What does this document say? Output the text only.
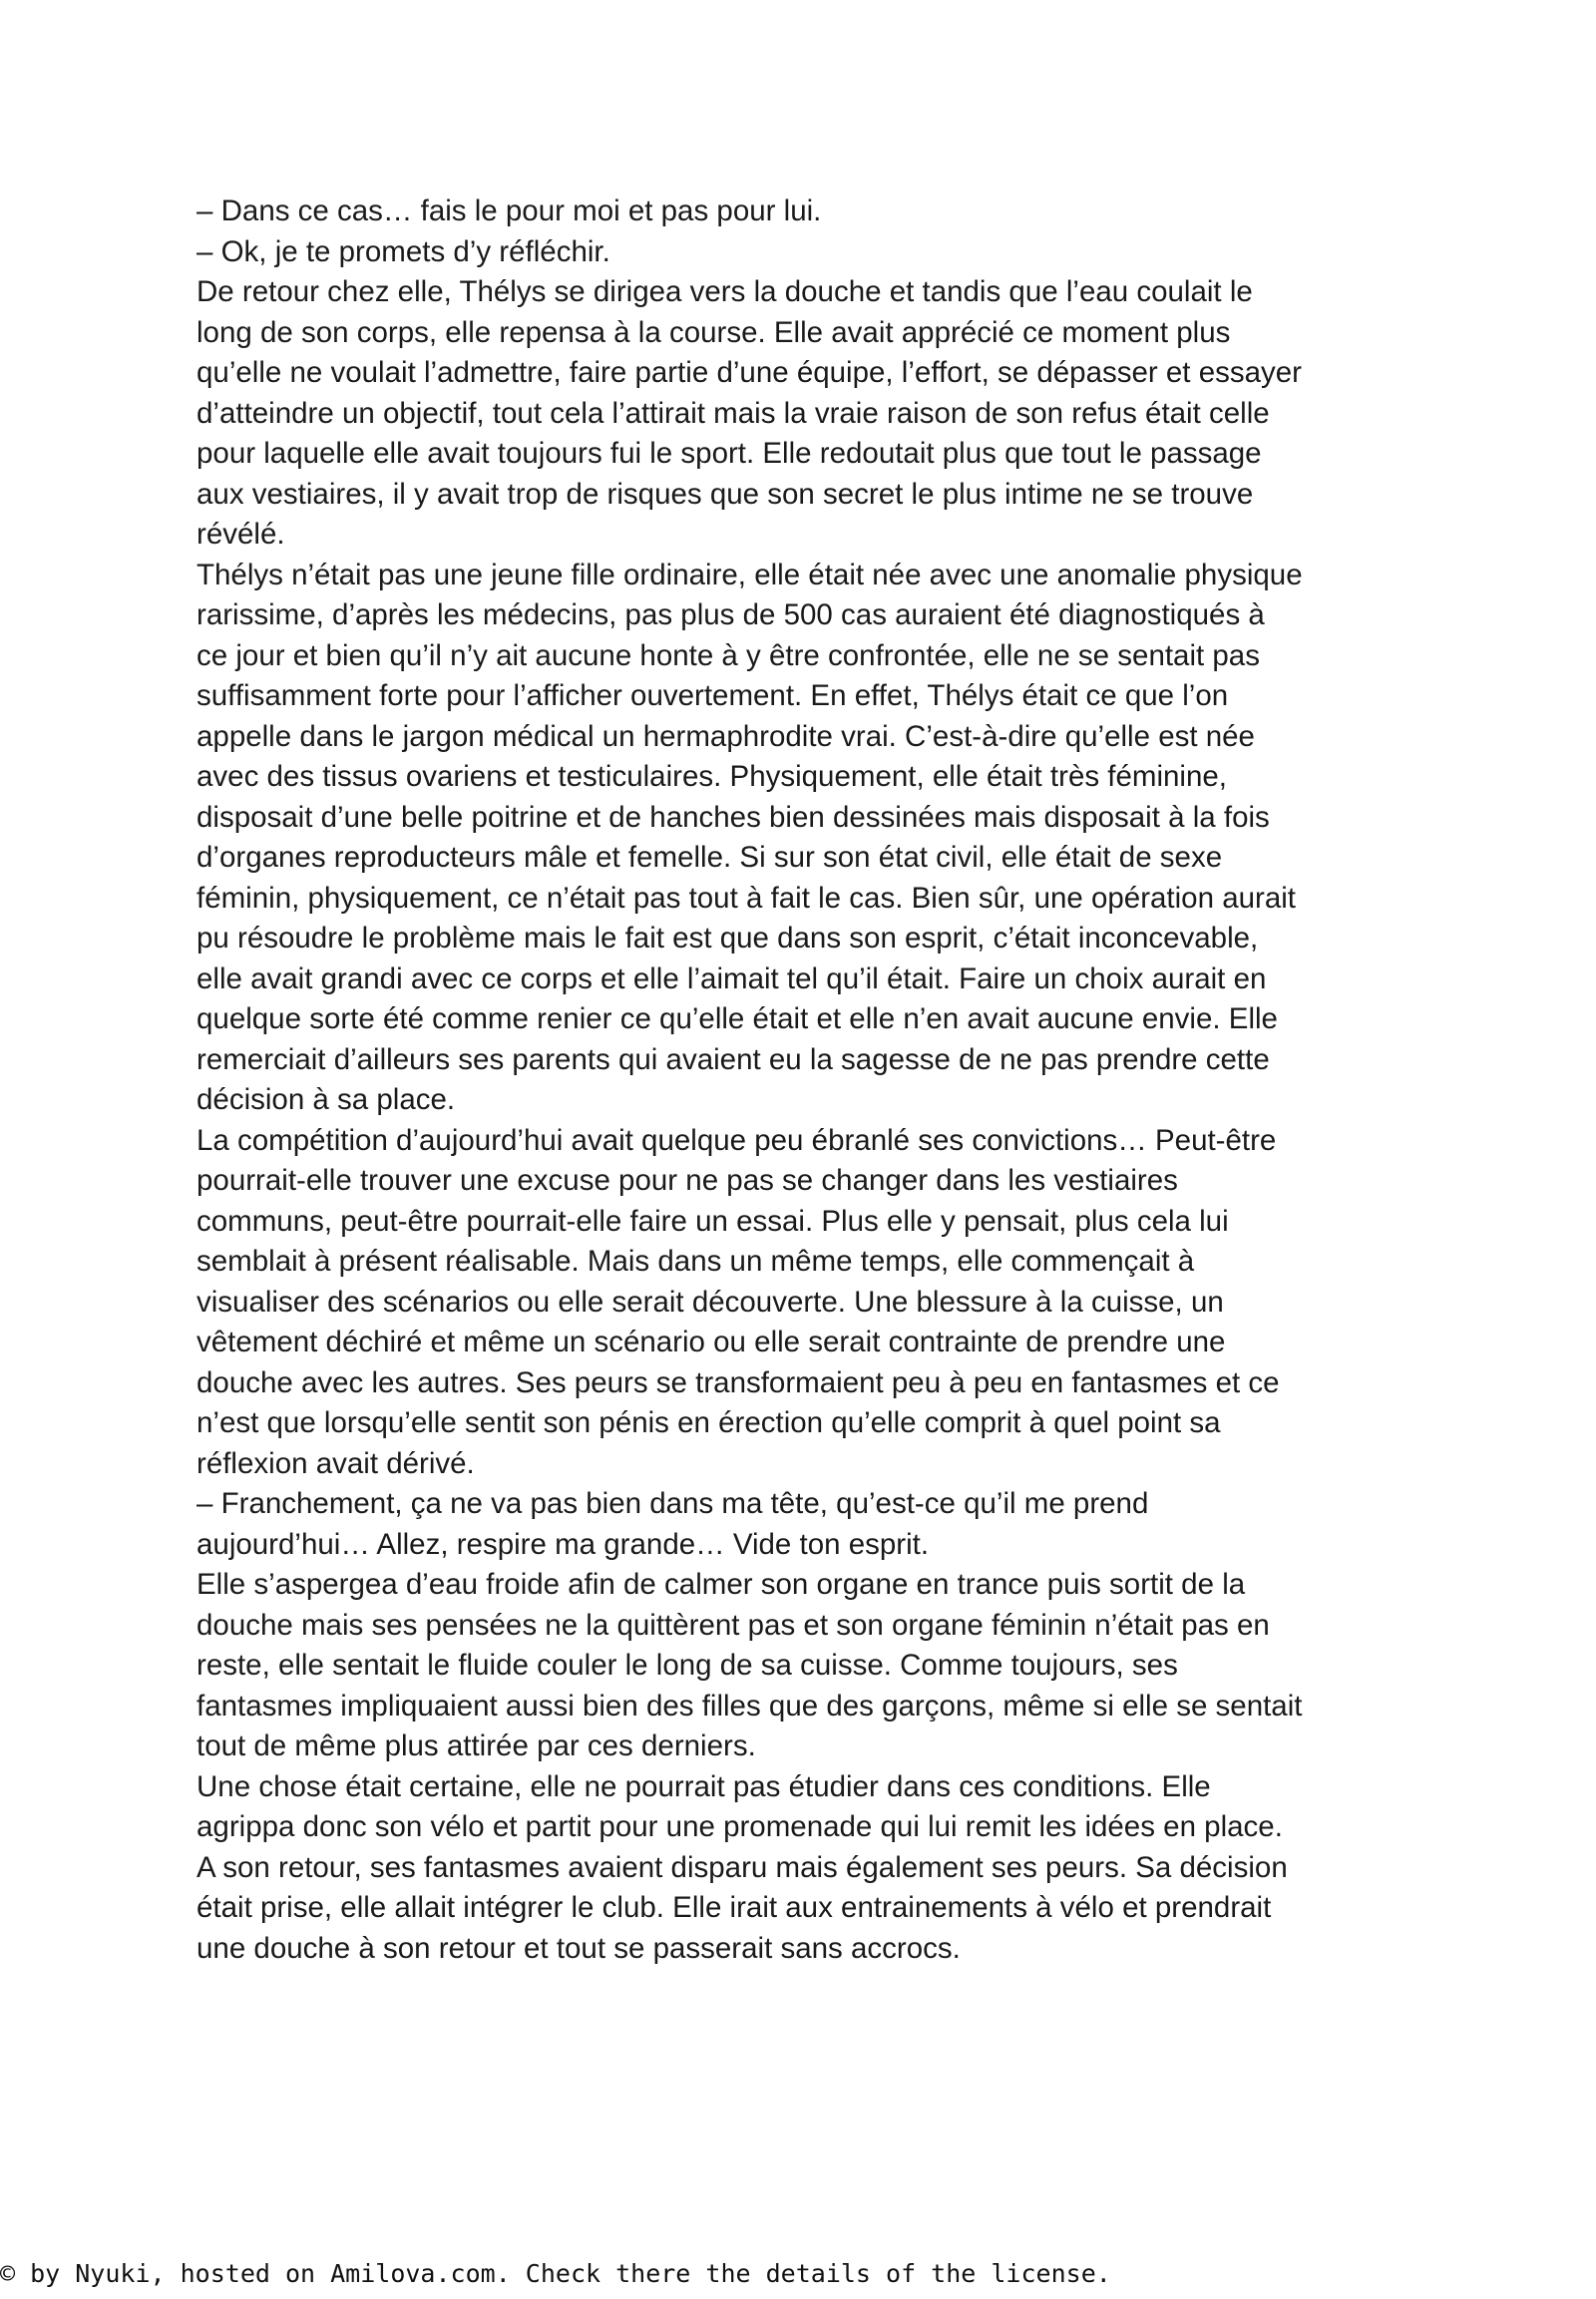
– Dans ce cas… fais le pour moi et pas pour lui.
– Ok, je te promets d’y réfléchir.
De retour chez elle, Thélys se dirigea vers la douche et tandis que l’eau coulait le
long de son corps, elle repensa à la course. Elle avait apprécié ce moment plus
qu’elle ne voulait l’admettre, faire partie d’une équipe, l’effort, se dépasser et essayer
d’atteindre un objectif, tout cela l’attirait mais la vraie raison de son refus était celle
pour laquelle elle avait toujours fui le sport. Elle redoutait plus que tout le passage
aux vestiaires, il y avait trop de risques que son secret le plus intime ne se trouve
révélé.
Thélys n’était pas une jeune fille ordinaire, elle était née avec une anomalie physique
rarissime, d’après les médecins, pas plus de 500 cas auraient été diagnostiqués à
ce jour et bien qu’il n’y ait aucune honte à y être confrontée, elle ne se sentait pas
suffisamment forte pour l’afficher ouvertement. En effet, Thélys était ce que l’on
appelle dans le jargon médical un hermaphrodite vrai. C’est-à-dire qu’elle est née
avec des tissus ovariens et testiculaires. Physiquement, elle était très féminine,
disposait d’une belle poitrine et de hanches bien dessinées mais disposait à la fois
d’organes reproducteurs mâle et femelle. Si sur son état civil, elle était de sexe
féminin, physiquement, ce n’était pas tout à fait le cas. Bien sûr, une opération aurait
pu résoudre le problème mais le fait est que dans son esprit, c’était inconcevable,
elle avait grandi avec ce corps et elle l’aimait tel qu’il était. Faire un choix aurait en
quelque sorte été comme renier ce qu’elle était et elle n’en avait aucune envie. Elle
remerciait d’ailleurs ses parents qui avaient eu la sagesse de ne pas prendre cette
décision à sa place.
La compétition d’aujourd’hui avait quelque peu ébranlé ses convictions… Peut-être
pourrait-elle trouver une excuse pour ne pas se changer dans les vestiaires
communs, peut-être pourrait-elle faire un essai. Plus elle y pensait, plus cela lui
semblait à présent réalisable. Mais dans un même temps, elle commençait à
visualiser des scénarios ou elle serait découverte. Une blessure à la cuisse, un
vêtement déchiré et même un scénario ou elle serait contrainte de prendre une
douche avec les autres. Ses peurs se transformaient peu à peu en fantasmes et ce
n’est que lorsqu’elle sentit son pénis en érection qu’elle comprit à quel point sa
réflexion avait dérivé.
– Franchement, ça ne va pas bien dans ma tête, qu’est-ce qu’il me prend
aujourd’hui… Allez, respire ma grande… Vide ton esprit.
Elle s’aspergea d’eau froide afin de calmer son organe en trance puis sortit de la
douche mais ses pensées ne la quittèrent pas et son organe féminin n’était pas en
reste, elle sentait le fluide couler le long de sa cuisse. Comme toujours, ses
fantasmes impliquaient aussi bien des filles que des garçons, même si elle se sentait
tout de même plus attirée par ces derniers.
Une chose était certaine, elle ne pourrait pas étudier dans ces conditions. Elle
agrippa donc son vélo et partit pour une promenade qui lui remit les idées en place.
A son retour, ses fantasmes avaient disparu mais également ses peurs. Sa décision
était prise, elle allait intégrer le club. Elle irait aux entrainements à vélo et prendrait
une douche à son retour et tout se passerait sans accrocs.
© by Nyuki, hosted on Amilova.com. Check there the details of the license.
